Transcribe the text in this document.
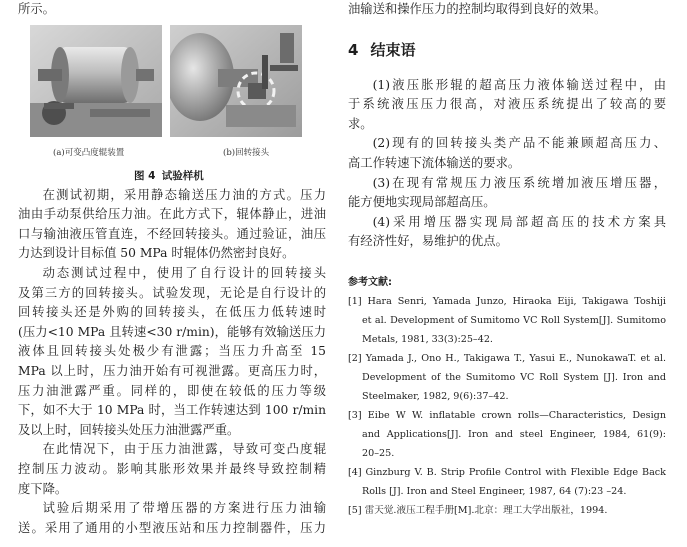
所示。
(a)可变凸度辊装置	(b)回转接头
图 4 试验样机
在测试初期，采用静态输送压力油的方式。压力
油由手动泵供给压力油。在此方式下，辊体静止，进油
口与输油液压管直连，不经回转接头。通过验证，油压
力达到设计目标值 50 MPa 时辊体仍然密封良好。
动态测试过程中，使用了自行设计的回转接头
及第三方的回转接头。试验发现，无论是自行设计的
回转接头还是外购的回转接头，在低压力低转速时
(压力<10 MPa 且转速<30 r/min)，能够有效输送压力
液体且回转接头处极少有泄露；当压力升高至 15
MPa 以上时，压力油开始有可视泄露。更高压力时，
压力油泄露严重。同样的，即使在较低的压力等级
下，如不大于 10 MPa 时，当工作转速达到 100 r/min
及以上时，回转接头处压力油泄露严重。
在此情况下，由于压力油泄露，导致可变凸度辊
控制压力波动。影响其胀形效果并最终导致控制精
度下降。
试验后期采用了带增压器的方案进行压力油输
送。采用了通用的小型液压站和压力控制器件，压力
油输送和操作压力的控制均取得到良好的效果。
4 结束语
(1)液压胀形辊的超高压力液体输送过程中，由
于系统液压压力很高，对液压系统提出了较高的要
求。
(2)现有的回转接头类产品不能兼顾超高压力、
高工作转速下流体输送的要求。
(3)在现有常规压力液压系统增加液压增压器，
能方便地实现局部超高压。
(4)采用增压器实现局部超高压的技术方案具
有经济性好，易维护的优点。
参考文献:
[1] Hara Senri, Yamada Junzo, Hiraoka Eiji, Takigawa Toshiji
et al. Development of Sumitomo VC Roll System[J]. Sumitomo
Metals, 1981, 33(3):25–42.
[2] Yamada J., Ono H., Takigawa T., Yasui E., NunokawaT. et al.
Development of the Sumitomo VC Roll System [J]. Iron and
Steelmaker, 1982, 9(6):37–42.
[3] Eibe W W. inflatable crown rolls—Characteristics, Design
and Applications[J]. Iron and steel Engineer, 1984, 61(9):
20–25.
[4] Ginzburg V. B. Strip Profile Control with Flexible Edge Back
Rolls [J]. Iron and Steel Engineer, 1987, 64 (7):23 –24.
[5] 雷天觉.液压工程手册[M].北京：理工大学出版社，1994.
